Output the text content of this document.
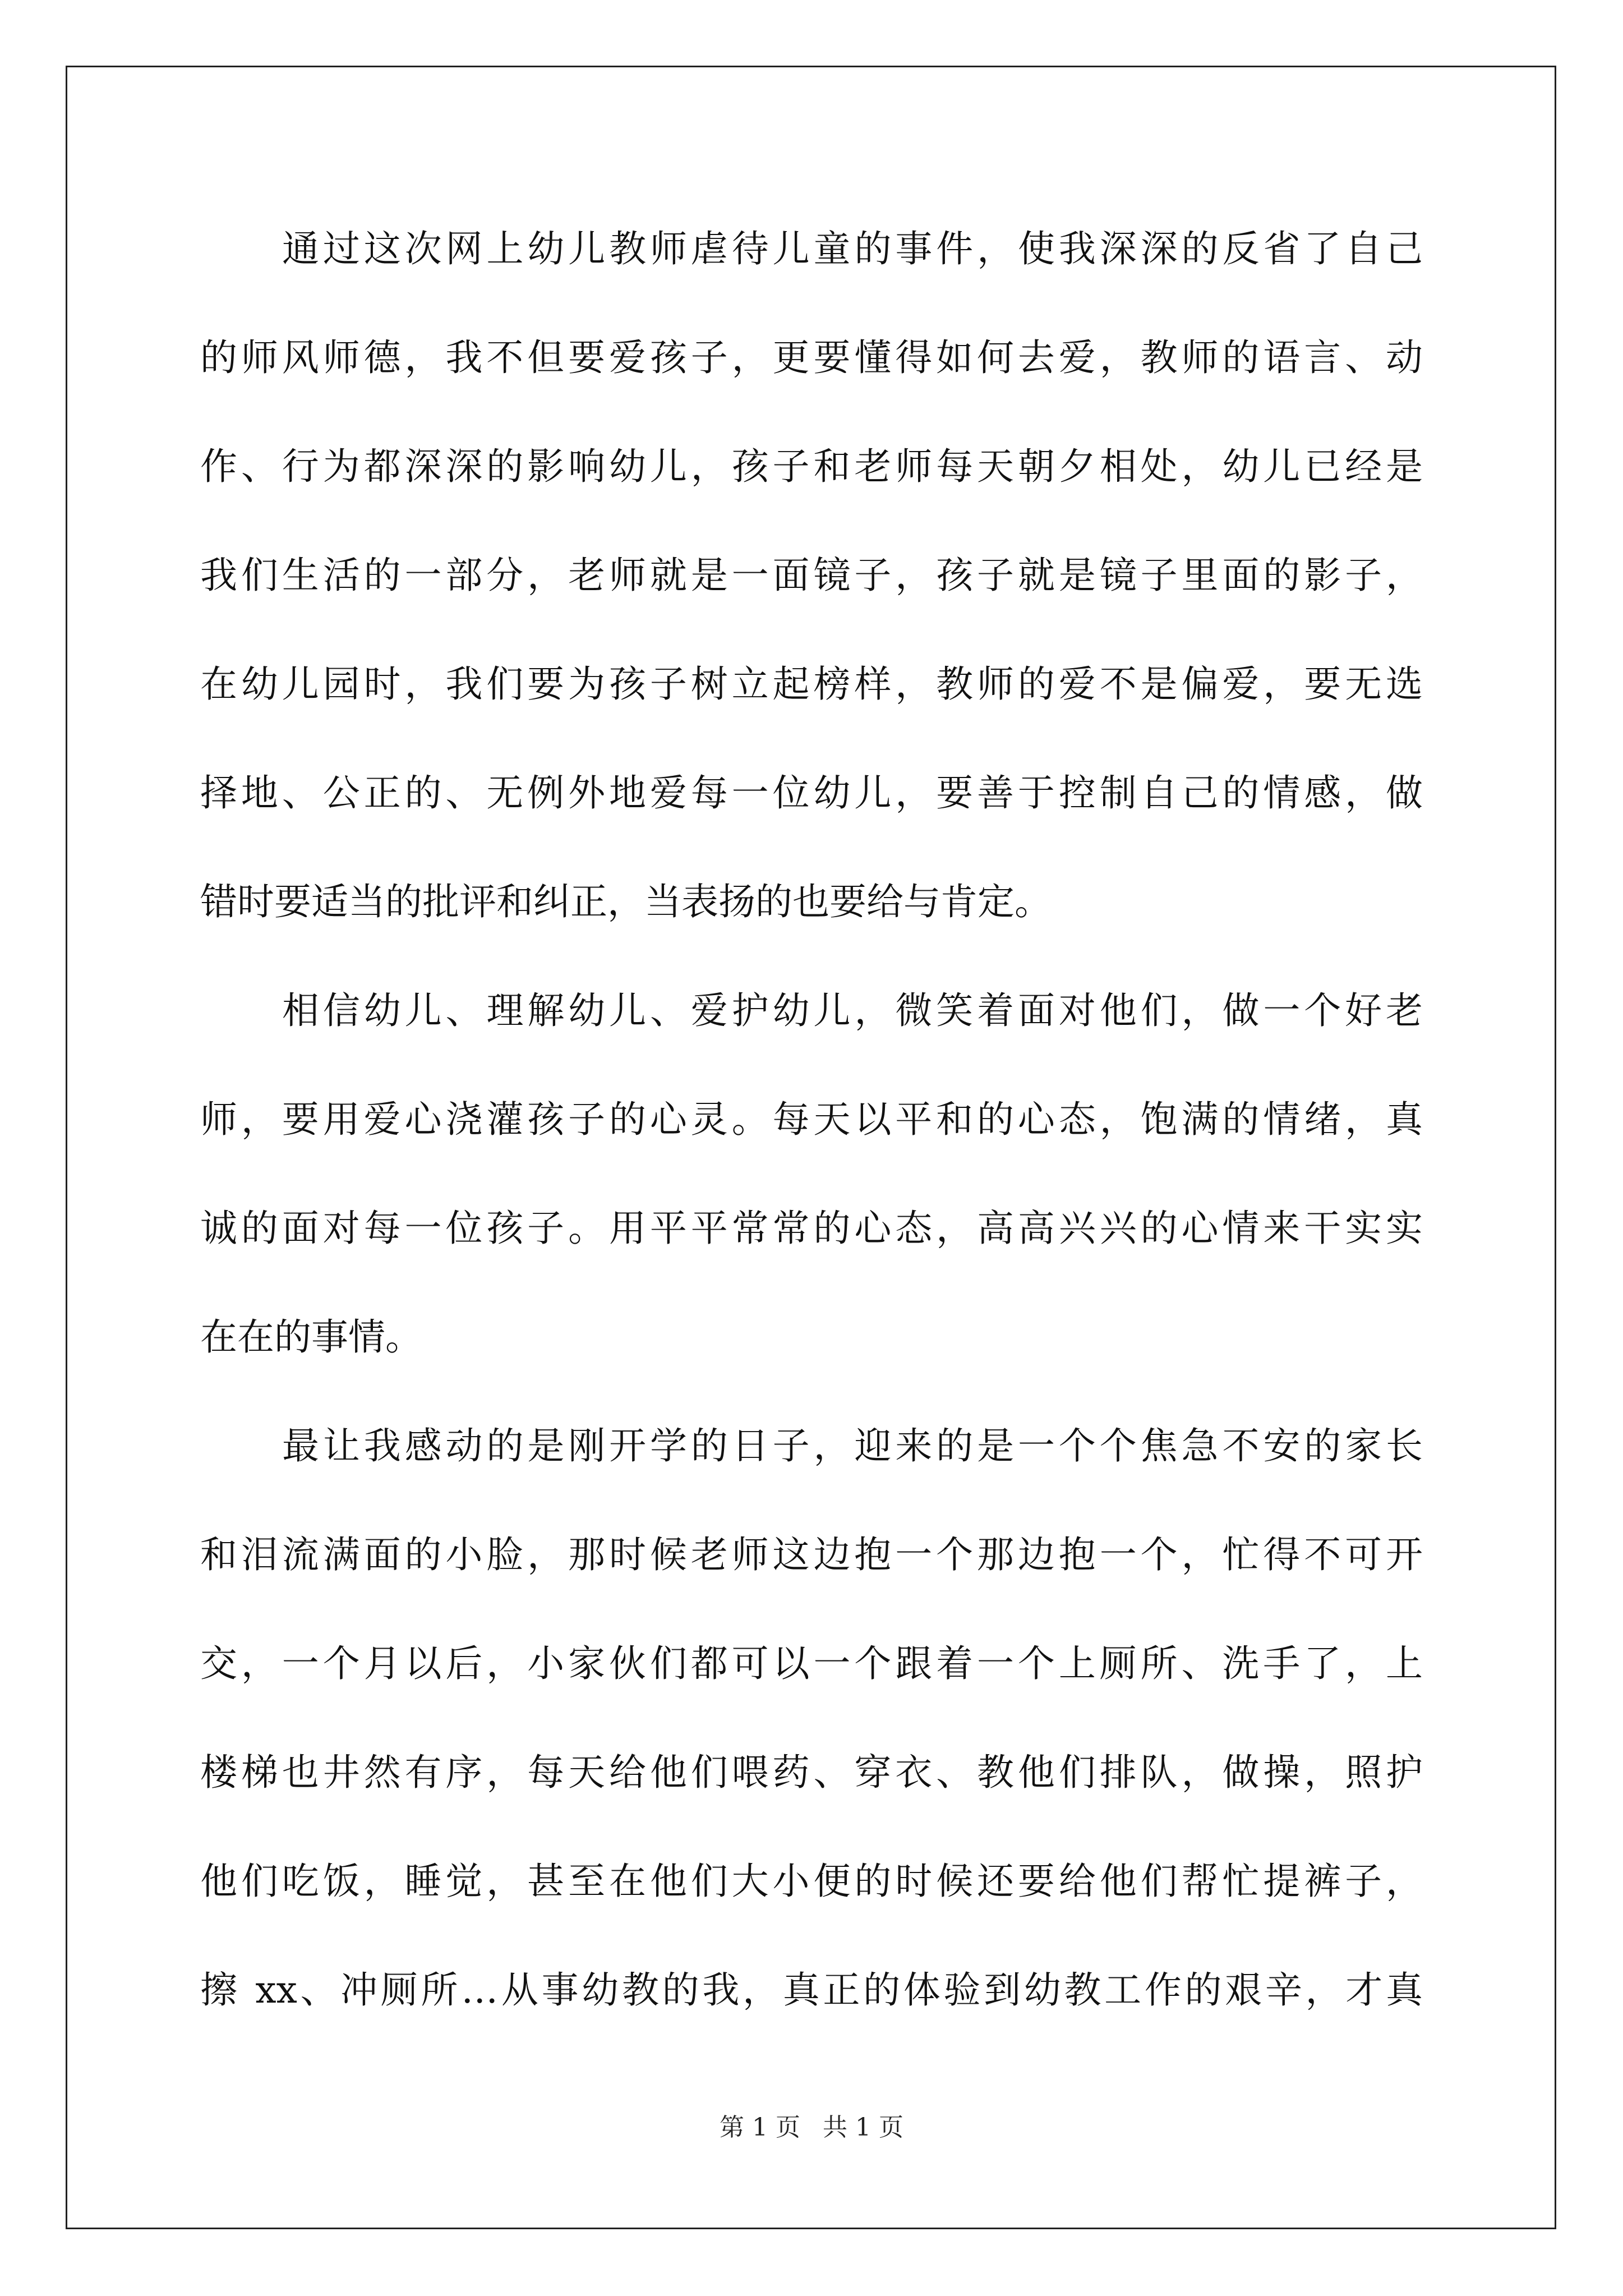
通过这次网上幼儿教师虐待儿童的事件，使我深深的反省了自己
的师风师德，我不但要爱孩子，更要懂得如何去爱，教师的语言、动
作、行为都深深的影响幼儿，孩子和老师每天朝夕相处，幼儿已经是
我们生活的一部分，老师就是一面镜子，孩子就是镜子里面的影子，
在幼儿园时，我们要为孩子树立起榜样，教师的爱不是偏爱，要无选
择地、公正的、无例外地爱每一位幼儿，要善于控制自己的情感，做
错时要适当的批评和纠正，当表扬的也要给与肯定。
相信幼儿、理解幼儿、爱护幼儿，微笑着面对他们，做一个好老
师，要用爱心浇灌孩子的心灵。每天以平和的心态，饱满的情绪，真
诚的面对每一位孩子。用平平常常的心态，高高兴兴的心情来干实实
在在的事情。
最让我感动的是刚开学的日子，迎来的是一个个焦急不安的家长
和泪流满面的小脸，那时候老师这边抱一个那边抱一个，忙得不可开
交，一个月以后，小家伙们都可以一个跟着一个上厕所、洗手了，上
楼梯也井然有序，每天给他们喂药、穿衣、教他们排队，做操，照护
他们吃饭，睡觉，甚至在他们大小便的时候还要给他们帮忙提裤子，
擦 xx、冲厕所…从事幼教的我，真正的体验到幼教工作的艰辛，才真
第 1 页 共 1 页
